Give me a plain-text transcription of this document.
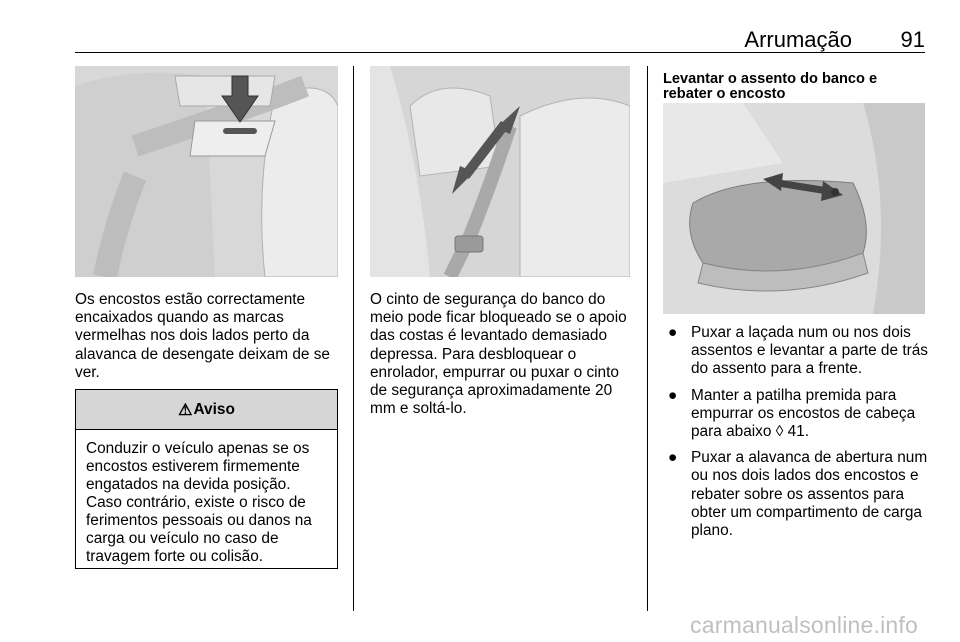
Arrumação 91
Os encostos estão correctamente encaixados quando as marcas vermelhas nos dois lados perto da alavanca de desengate deixam de se ver.
⚠ Aviso
Conduzir o veículo apenas se os encostos estiverem firmemente engatados na devida posição. Caso contrário, existe o risco de ferimentos pessoais ou danos na carga ou veículo no caso de travagem forte ou colisão.
O cinto de segurança do banco do meio pode ficar bloqueado se o apoio das costas é levantado demasiado depressa. Para desbloquear o enrolador, empurrar ou puxar o cinto de segurança aproximadamente 20 mm e soltá-lo.
Levantar o assento do banco e rebater o encosto
● Puxar a laçada num ou nos dois assentos e levantar a parte de trás do assento para a frente.
● Manter a patilha premida para empurrar os encostos de cabeça para abaixo ◊ 41.
● Puxar a alavanca de abertura num ou nos dois lados dos encostos e rebater sobre os assentos para obter um compartimento de carga plano.
carmanualsonline.info
